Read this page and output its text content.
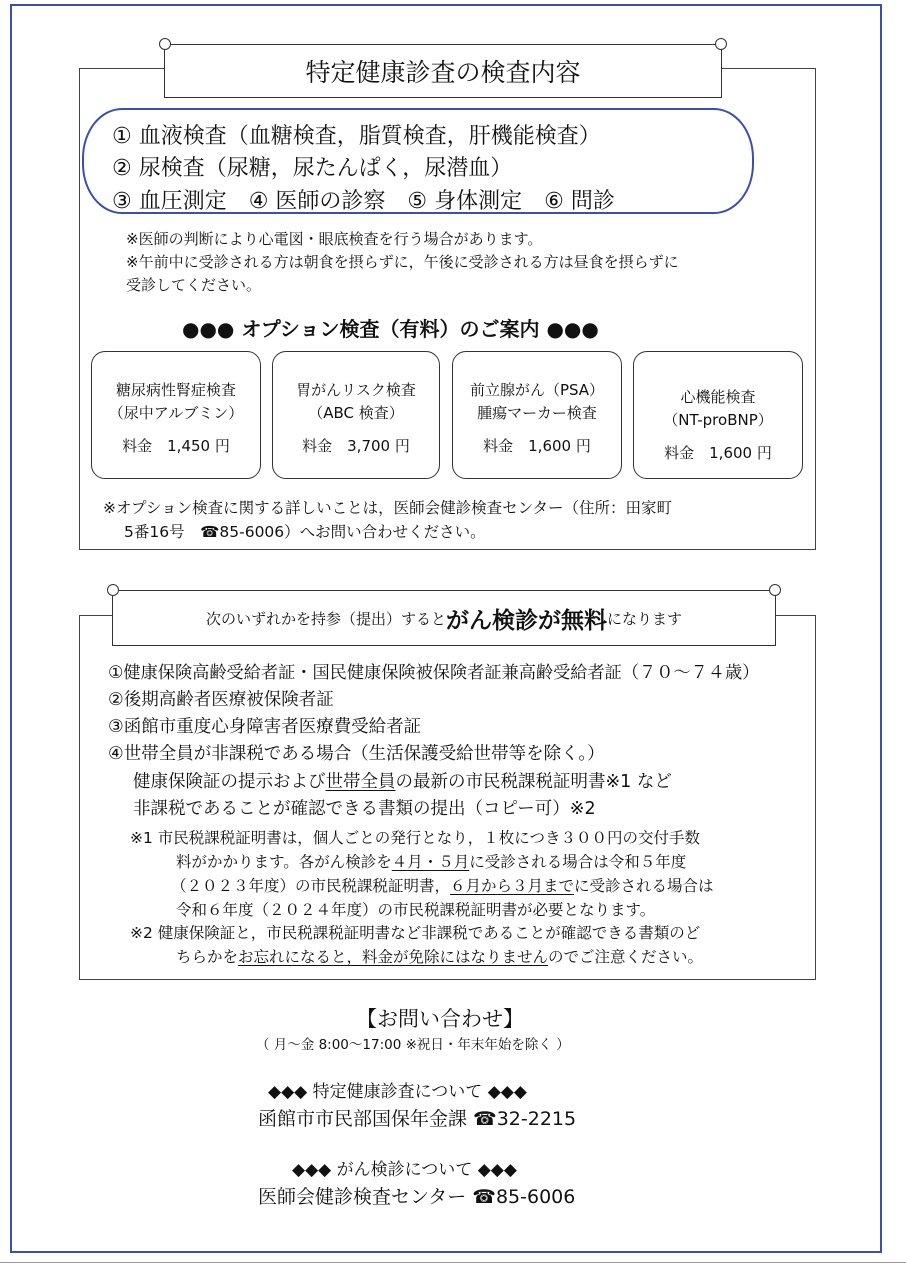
特定健康診査の検査内容
① 血液検査（血糖検査，脂質検査，肝機能検査）
② 尿検査（尿糖，尿たんぱく，尿潜血）
③ 血圧測定　④ 医師の診察　⑤ 身体測定　⑥ 問診
※医師の判断により心電図・眼底検査を行う場合があります。
※午前中に受診される方は朝食を摂らずに，午後に受診される方は昼食を摂らずに
受診してください。
●●● オプション検査（有料）のご案内 ●●●
糖尿病性腎症検査
（尿中アルブミン）
料金　1,450 円
胃がんリスク検査
（ABC 検査）
料金　3,700 円
前立腺がん（PSA）
腫瘍マーカー検査
料金　1,600 円
心機能検査
（NT-proBNP）
料金　1,600 円
※オプション検査に関する詳しいことは，医師会健診検査センター（住所：田家町
5番16号　☎85-6006）へお問い合わせください。
次のいずれかを持参（提出）すると がん検診が無料 になります
①健康保険高齢受給者証・国民健康保険被保険者証兼高齢受給者証（７０～７４歳）
②後期高齢者医療被保険者証
③函館市重度心身障害者医療費受給者証
④世帯全員が非課税である場合（生活保護受給世帯等を除く。）
健康保険証の提示および世帯全員の最新の市民税課税証明書※1 など
非課税であることが確認できる書類の提出（コピー可）※2
※1 市民税課税証明書は，個人ごとの発行となり，１枚につき３００円の交付手数
料がかかります。各がん検診を４月・５月に受診される場合は令和５年度
（２０２３年度）の市民税課税証明書，６月から３月までに受診される場合は
令和６年度（２０２４年度）の市民税課税証明書が必要となります。
※2 健康保険証と，市民税課税証明書など非課税であることが確認できる書類のど
ちらかをお忘れになると，料金が免除にはなりませんのでご注意ください。
【お問い合わせ】
（ 月～金 8:00～17:00 ※祝日・年末年始を除く ）
◆◆◆ 特定健康診査について ◆◆◆
函館市市民部国保年金課 ☎32-2215
◆◆◆ がん検診について ◆◆◆
医師会健診検査センター ☎85-6006
